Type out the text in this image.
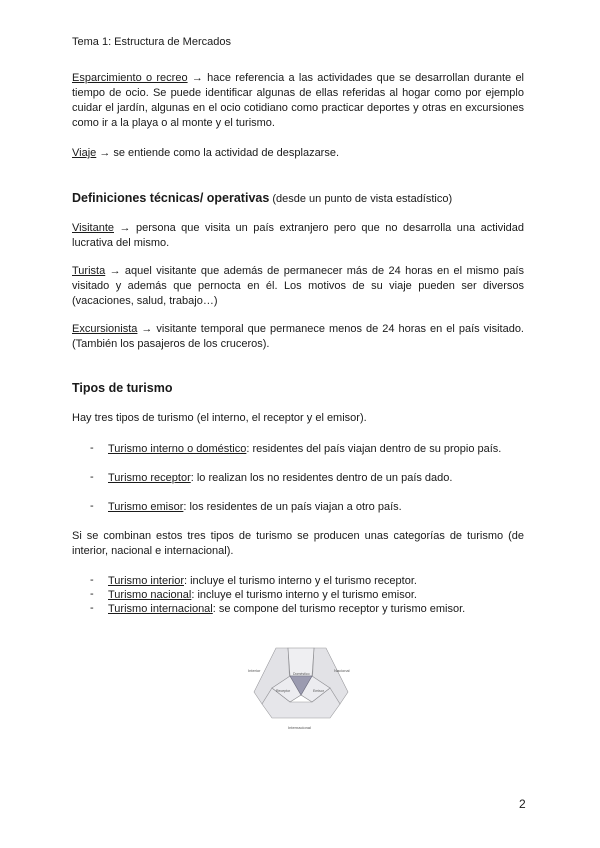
Tema 1: Estructura de Mercados
Esparcimiento o recreo → hace referencia a las actividades que se desarrollan durante el tiempo de ocio. Se puede identificar algunas de ellas referidas al hogar como por ejemplo cuidar el jardín, algunas en el ocio cotidiano como practicar deportes y otras en excursiones como ir a la playa o al monte y el turismo.
Viaje → se entiende como la actividad de desplazarse.
Definiciones técnicas/ operativas (desde un punto de vista estadístico)
Visitante → persona que visita un país extranjero pero que no desarrolla una actividad lucrativa del mismo.
Turista → aquel visitante que además de permanecer más de 24 horas en el mismo país visitado y además que pernocta en él. Los motivos de su viaje pueden ser diversos (vacaciones, salud, trabajo…)
Excursionista → visitante temporal que permanece menos de 24 horas en el país visitado. (También los pasajeros de los cruceros).
Tipos de turismo
Hay tres tipos de turismo (el interno, el receptor y el emisor).
- Turismo interno o doméstico: residentes del país viajan dentro de su propio país.
- Turismo receptor: lo realizan los no residentes dentro de un país dado.
- Turismo emisor: los residentes de un país viajan a otro país.
Si se combinan estos tres tipos de turismo se producen unas categorías de turismo (de interior, nacional e internacional).
- Turismo interior: incluye el turismo interno y el turismo receptor.
- Turismo nacional: incluye el turismo interno y el turismo emisor.
- Turismo internacional: se compone del turismo receptor y turismo emisor.
Interior	Nacional
Internacional
Doméstico
Receptor	Emisor
2
